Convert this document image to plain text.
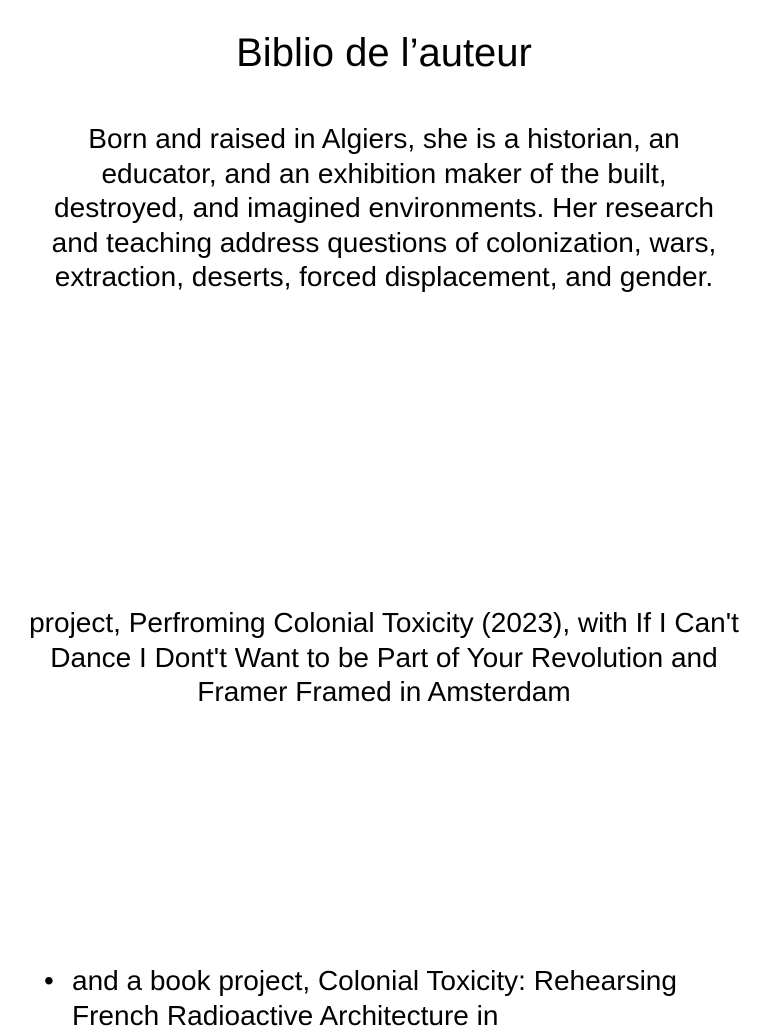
Biblio de l’auteur

Born and raised in Algiers, she is a historian, an educator, and an exhibition maker of the built, destroyed, and imagined environments. Her research and teaching address questions of colonization, wars, extraction, deserts, forced displacement, and gender.

project, Perfroming Colonial Toxicity (2023), with If I Can't Dance I Dont't Want to be Part of Your Revolution and Framer Framed in Amsterdam

• and a book project, Colonial Toxicity: Rehearsing French Radioactive Architecture in
